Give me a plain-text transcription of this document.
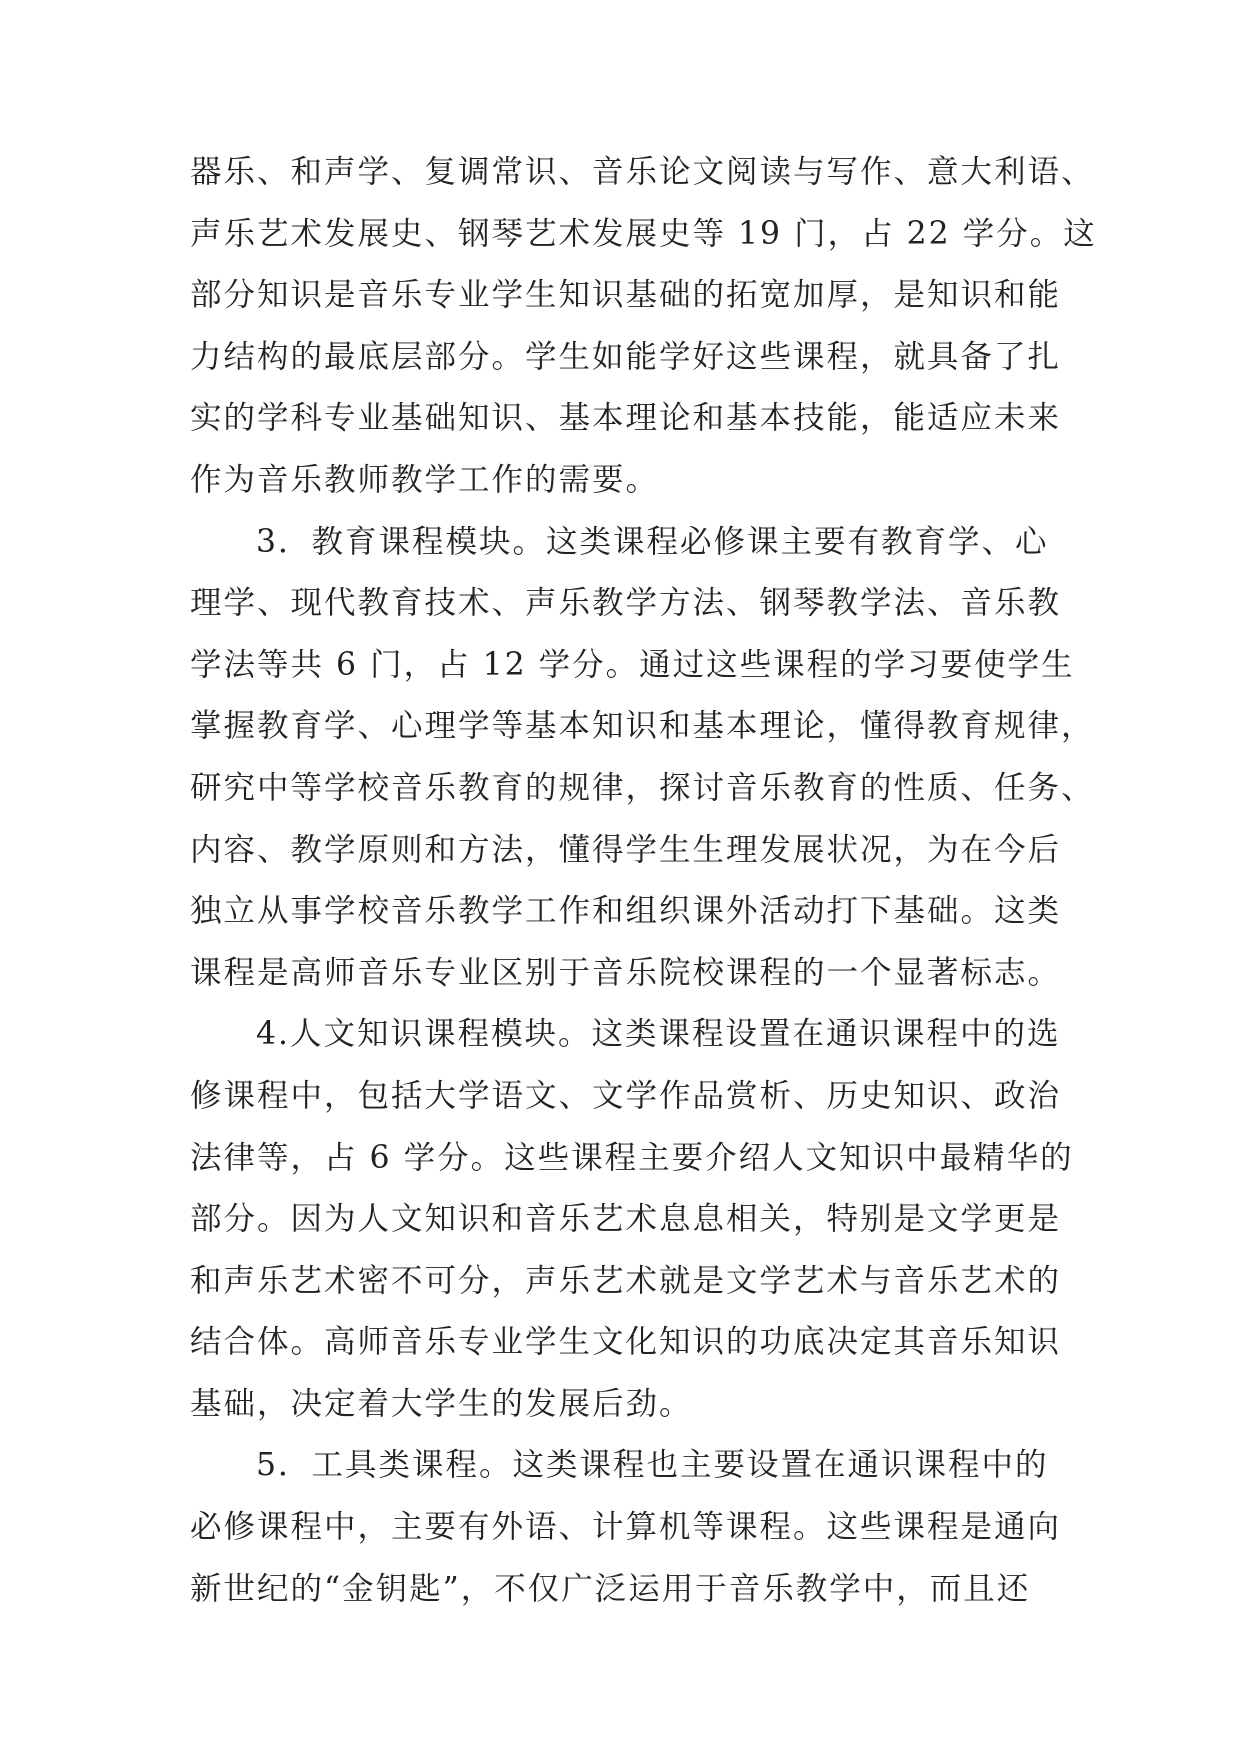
器乐、和声学、复调常识、音乐论文阅读与写作、意大利语、
声乐艺术发展史、钢琴艺术发展史等 19 门，占 22 学分。这
部分知识是音乐专业学生知识基础的拓宽加厚，是知识和能
力结构的最底层部分。学生如能学好这些课程，就具备了扎
实的学科专业基础知识、基本理论和基本技能，能适应未来
作为音乐教师教学工作的需要。
3．教育课程模块。这类课程必修课主要有教育学、心
理学、现代教育技术、声乐教学方法、钢琴教学法、音乐教
学法等共 6 门，占 12 学分。通过这些课程的学习要使学生
掌握教育学、心理学等基本知识和基本理论，懂得教育规律，
研究中等学校音乐教育的规律，探讨音乐教育的性质、任务、
内容、教学原则和方法，懂得学生生理发展状况，为在今后
独立从事学校音乐教学工作和组织课外活动打下基础。这类
课程是高师音乐专业区别于音乐院校课程的一个显著标志。
4.人文知识课程模块。这类课程设置在通识课程中的选
修课程中，包括大学语文、文学作品赏析、历史知识、政治
法律等，占 6 学分。这些课程主要介绍人文知识中最精华的
部分。因为人文知识和音乐艺术息息相关，特别是文学更是
和声乐艺术密不可分，声乐艺术就是文学艺术与音乐艺术的
结合体。高师音乐专业学生文化知识的功底决定其音乐知识
基础，决定着大学生的发展后劲。
5．工具类课程。这类课程也主要设置在通识课程中的
必修课程中，主要有外语、计算机等课程。这些课程是通向
新世纪的“金钥匙”，不仅广泛运用于音乐教学中，而且还
